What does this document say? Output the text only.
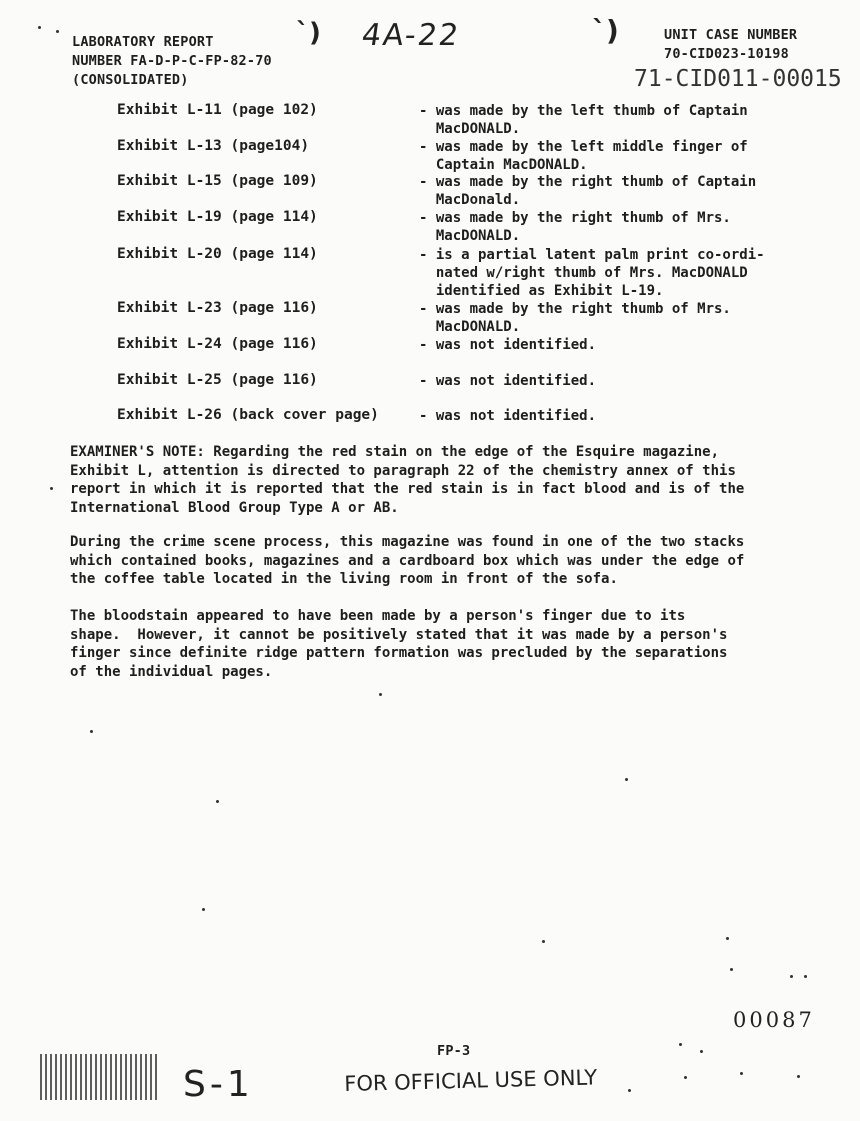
LABORATORY REPORT
NUMBER FA-D-P-C-FP-82-70
(CONSOLIDATED)
4A-22
ˋ)	ˋ)	UNIT CASE NUMBER
70-CID023-10198
71-CID011-00015
Exhibit L-11 (page 102)	- was made by the left thumb of Captain
MacDONALD.
Exhibit L-13 (page104)	- was made by the left middle finger of
Captain MacDONALD.
Exhibit L-15 (page 109)	- was made by the right thumb of Captain
MacDonald.
Exhibit L-19 (page 114)	- was made by the right thumb of Mrs.
MacDONALD.
Exhibit L-20 (page 114)	- is a partial latent palm print co-ordi-
nated w/right thumb of Mrs. MacDONALD
identified as Exhibit L-19.
Exhibit L-23 (page 116)	- was made by the right thumb of Mrs.
MacDONALD.
Exhibit L-24 (page 116)	- was not identified.
Exhibit L-25 (page 116)	- was not identified.
Exhibit L-26 (back cover page)	- was not identified.
EXAMINER'S NOTE: Regarding the red stain on the edge of the Esquire magazine,
Exhibit L, attention is directed to paragraph 22 of the chemistry annex of this
report in which it is reported that the red stain is in fact blood and is of the
International Blood Group Type A or AB.
During the crime scene process, this magazine was found in one of the two stacks
which contained books, magazines and a cardboard box which was under the edge of
the coffee table located in the living room in front of the sofa.
The bloodstain appeared to have been made by a person's finger due to its
shape.  However, it cannot be positively stated that it was made by a person's
finger since definite ridge pattern formation was precluded by the separations
of the individual pages.
00087
FP-3
S-1	FOR OFFICIAL USE ONLY
